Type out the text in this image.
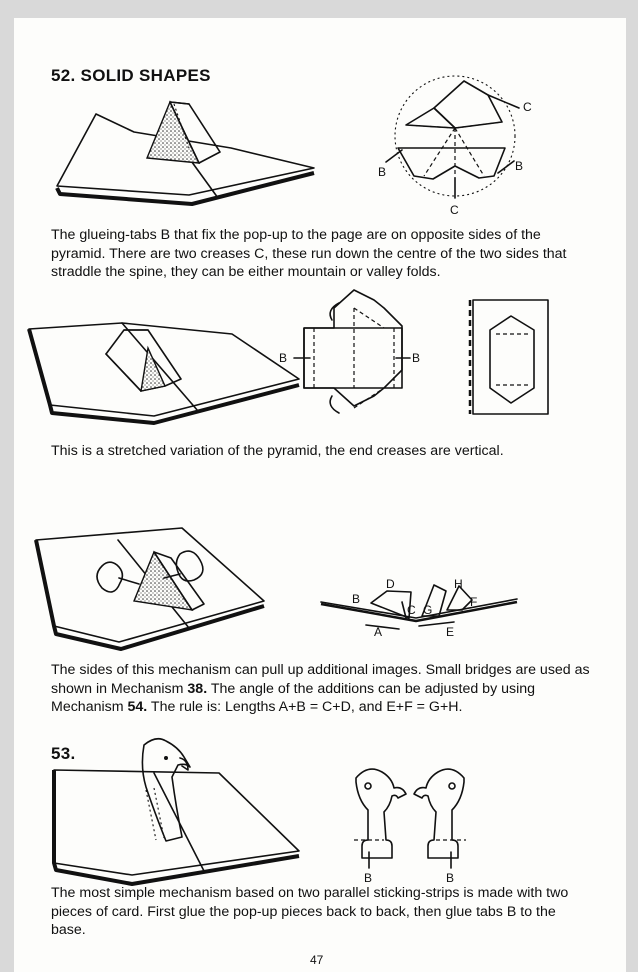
52. SOLID SHAPES
C
B
B
C
The glueing-tabs B that fix the pop-up to the page are on opposite sides of the pyramid. There are two creases C, these run down the centre of the two sides that straddle the spine, they can be either mountain or valley folds.
B	B
This is a stretched variation of the pyramid, the end creases are vertical.
B
D
C G
H
F
A	E
The sides of this mechanism can pull up additional images. Small bridges are used as shown in Mechanism 38. The angle of the additions can be adjusted by using Mechanism 54. The rule is: Lengths A+B = C+D, and E+F = G+H.
53.
B	B
The most simple mechanism based on two parallel sticking-strips is made with two pieces of card. First glue the pop-up pieces back to back, then glue tabs B to the base.
47
